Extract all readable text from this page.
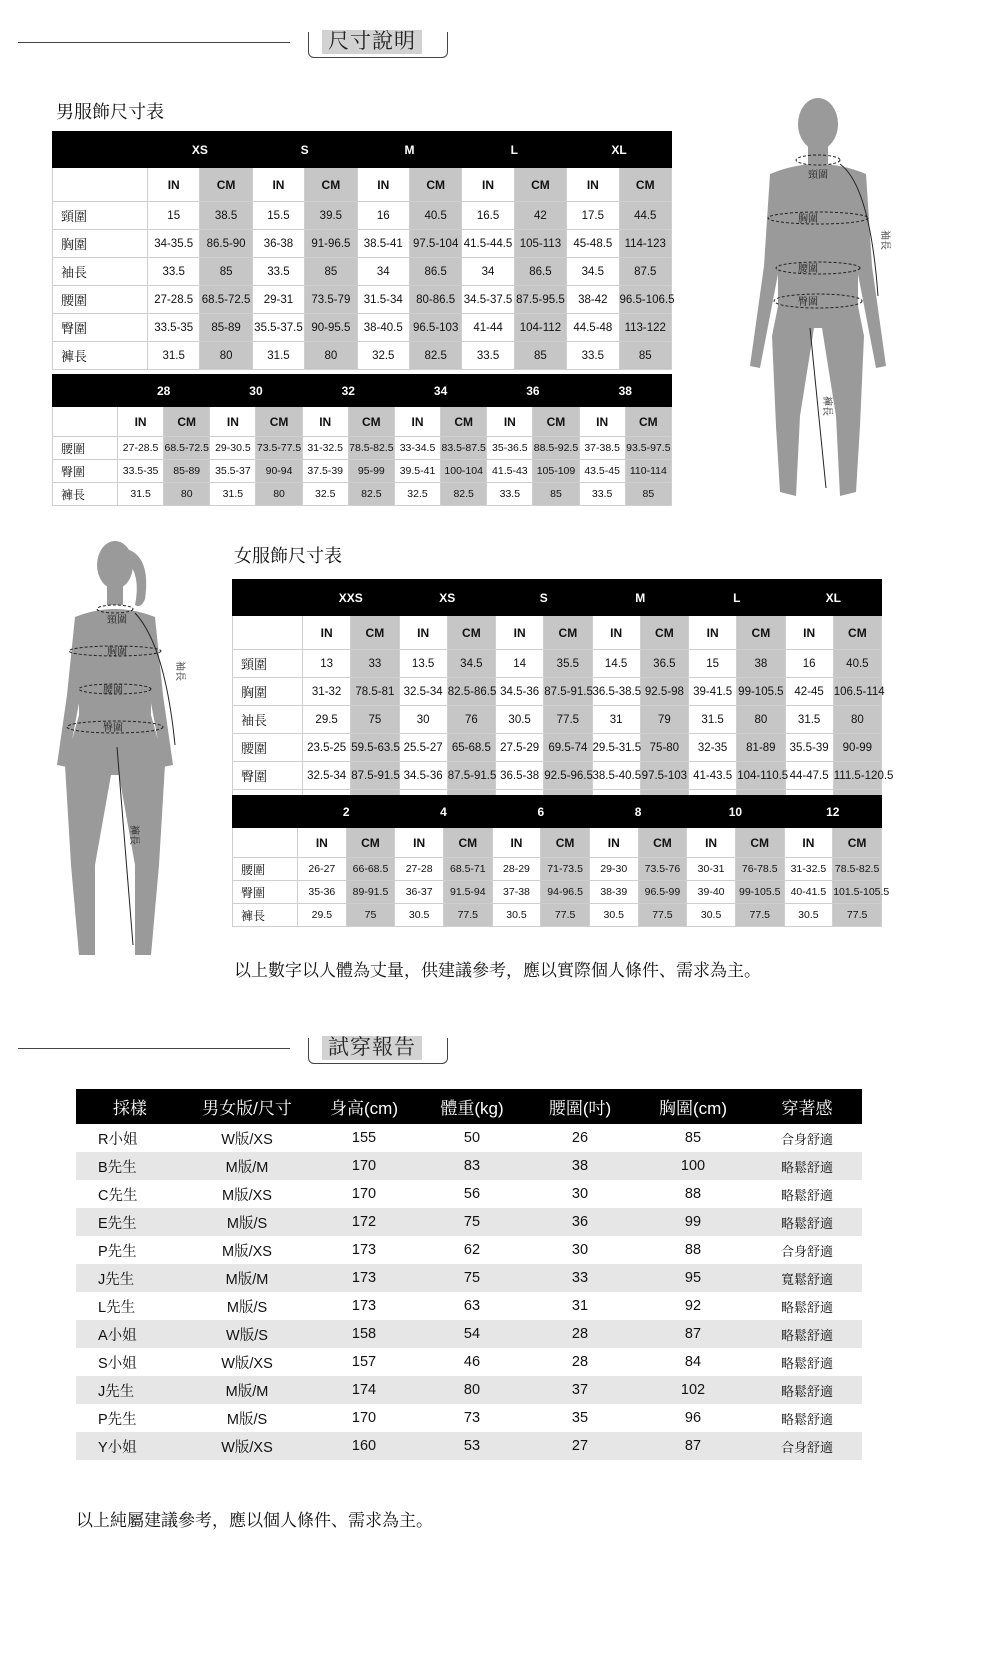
尺寸說明
男服飾尺寸表
	XS		S		M		L		XL	
	IN	CM	IN	CM	IN	CM	IN	CM	IN	CM
頸圍	15	38.5	15.5	39.5	16	40.5	16.5	42	17.5	44.5
胸圍	34-35.5	86.5-90	36-38	91-96.5	38.5-41	97.5-104	41.5-44.5	105-113	45-48.5	114-123
袖長	33.5	85	33.5	85	34	86.5	34	86.5	34.5	87.5
腰圍	27-28.5	68.5-72.5	29-31	73.5-79	31.5-34	80-86.5	34.5-37.5	87.5-95.5	38-42	96.5-106.5
臀圍	33.5-35	85-89	35.5-37.5	90-95.5	38-40.5	96.5-103	41-44	104-112	44.5-48	113-122
褲長	31.5	80	31.5	80	32.5	82.5	33.5	85	33.5	85
	28		30		32		34		36		38	
	IN	CM	IN	CM	IN	CM	IN	CM	IN	CM	IN	CM
腰圍	27-28.5	68.5-72.5	29-30.5	73.5-77.5	31-32.5	78.5-82.5	33-34.5	83.5-87.5	35-36.5	88.5-92.5	37-38.5	93.5-97.5
臀圍	33.5-35	85-89	35.5-37	90-94	37.5-39	95-99	39.5-41	100-104	41.5-43	105-109	43.5-45	110-114
褲長	31.5	80	31.5	80	32.5	82.5	32.5	82.5	33.5	85	33.5	85
頸圍
胸圍
腰圍
臀圍
袖長
褲長
女服飾尺寸表
	XXS		XS		S		M		L		XL	
	IN	CM	IN	CM	IN	CM	IN	CM	IN	CM	IN	CM
頸圍	13	33	13.5	34.5	14	35.5	14.5	36.5	15	38	16	40.5
胸圍	31-32	78.5-81	32.5-34	82.5-86.5	34.5-36	87.5-91.5	36.5-38.5	92.5-98	39-41.5	99-105.5	42-45	106.5-114
袖長	29.5	75	30	76	30.5	77.5	31	79	31.5	80	31.5	80
腰圍	23.5-25	59.5-63.5	25.5-27	65-68.5	27.5-29	69.5-74	29.5-31.5	75-80	32-35	81-89	35.5-39	90-99
臀圍	32.5-34	87.5-91.5	34.5-36	87.5-91.5	36.5-38	92.5-96.5	38.5-40.5	97.5-103	41-43.5	104-110.5	44-47.5	111.5-120.5

	2		4		6		8		10		12	
	IN	CM	IN	CM	IN	CM	IN	CM	IN	CM	IN	CM
腰圍	26-27	66-68.5	27-28	68.5-71	28-29	71-73.5	29-30	73.5-76	30-31	76-78.5	31-32.5	78.5-82.5
臀圍	35-36	89-91.5	36-37	91.5-94	37-38	94-96.5	38-39	96.5-99	39-40	99-105.5	40-41.5	101.5-105.5
褲長	29.5	75	30.5	77.5	30.5	77.5	30.5	77.5	30.5	77.5	30.5	77.5
頸圍
胸圍
腰圍
臀圍
袖長
褲長
以上數字以人體為丈量，供建議參考，應以實際個人條件、需求為主。
試穿報告
採樣	男女版/尺寸	身高(cm)	體重(kg)	腰圍(吋)	胸圍(cm)	穿著感
R小姐	W版/XS	155	50	26	85	合身舒適
B先生	M版/M	170	83	38	100	略鬆舒適
C先生	M版/XS	170	56	30	88	略鬆舒適
E先生	M版/S	172	75	36	99	略鬆舒適
P先生	M版/XS	173	62	30	88	合身舒適
J先生	M版/M	173	75	33	95	寬鬆舒適
L先生	M版/S	173	63	31	92	略鬆舒適
A小姐	W版/S	158	54	28	87	略鬆舒適
S小姐	W版/XS	157	46	28	84	略鬆舒適
J先生	M版/M	174	80	37	102	略鬆舒適
P先生	M版/S	170	73	35	96	略鬆舒適
Y小姐	W版/XS	160	53	27	87	合身舒適
以上純屬建議參考，應以個人條件、需求為主。
